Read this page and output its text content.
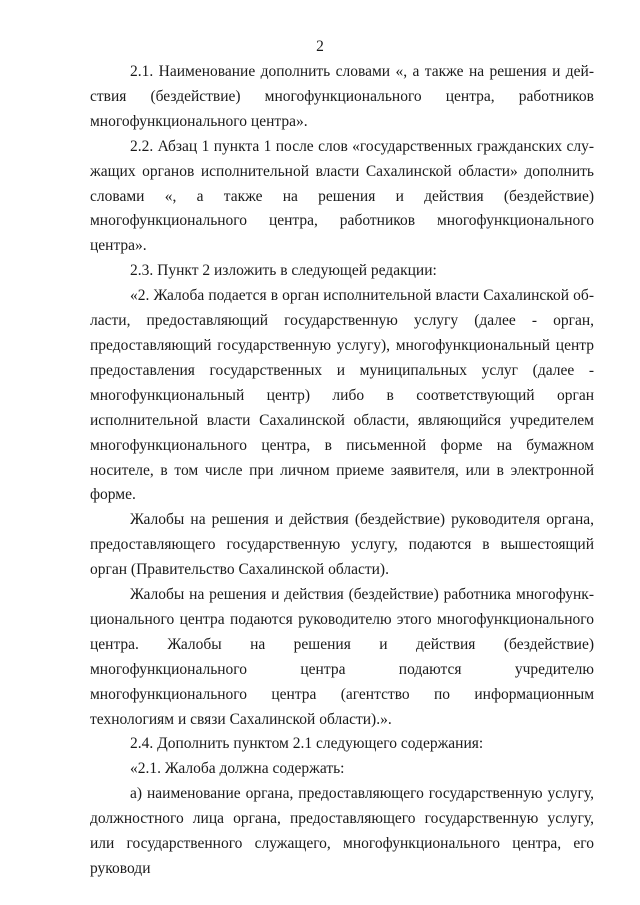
2

2.1. Наименование дополнить словами «, а также на решения и действия (бездействие) многофункционального центра, работников многофункционального центра».

2.2. Абзац 1 пункта 1 после слов «государственных гражданских служащих органов исполнительной власти Сахалинской области» дополнить словами «, а также на решения и действия (бездействие) многофункционального центра, работников многофункционального центра».

2.3. Пункт 2 изложить в следующей редакции:

«2. Жалоба подается в орган исполнительной власти Сахалинской области, предоставляющий государственную услугу (далее - орган, предоставляющий государственную услугу), многофункциональный центр предоставления государственных и муниципальных услуг (далее - многофункциональный центр) либо в соответствующий орган исполнительной власти Сахалинской области, являющийся учредителем многофункционального центра, в письменной форме на бумажном носителе, в том числе при личном приеме заявителя, или в электронной форме.

Жалобы на решения и действия (бездействие) руководителя органа, предоставляющего государственную услугу, подаются в вышестоящий орган (Правительство Сахалинской области).

Жалобы на решения и действия (бездействие) работника многофункционального центра подаются руководителю этого многофункционального центра. Жалобы на решения и действия (бездействие) многофункционального центра подаются учредителю многофункционального центра (агентство по информационным технологиям и связи Сахалинской области).».

2.4. Дополнить пунктом 2.1 следующего содержания:

«2.1. Жалоба должна содержать:

а) наименование органа, предоставляющего государственную услугу, должностного лица органа, предоставляющего государственную услугу, или государственного служащего, многофункционального центра, его руководи
